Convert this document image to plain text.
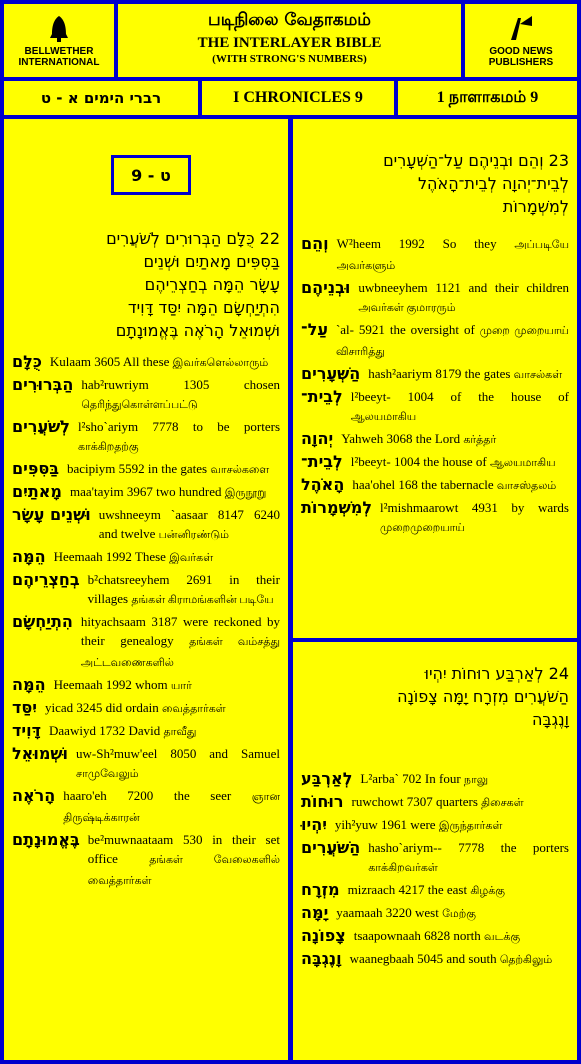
BELLWETHER
INTERNATIONAL
படிநிலை வேதாகமம்
THE INTERLAYER BIBLE
(WITH STRONG'S NUMBERS)
GOOD NEWS
PUBLISHERS
רברי הימים א - ט	I CHRONICLES 9	1 நாளாகமம் 9
ט - 9
22 כֻּלָּם הַבְּרוּרִים לְשֹׁעֲרִים
בַּסִּפִּים מָאתַיִם וּשְׁנֵים
עָשָׂר הֵמָּה בְחַצְרֵיהֶם
הִתְיַחְשָׂם הֵמָּה יִסַּד דָּוִיד
וּשְׁמוּאֵל הָרֹאֶה בֶּאֱמוּנָתָם
כֻּלָּם Kulaam 3605 All these இவர்களெல்லாரும்
הַבְּרוּרִים hab²ruwriym 1305 chosen தெரிந்துகொள்ளப்பட்டு
לְשֹׁעֲרִים l²sho`ariym 7778 to be porters காக்கிறதற்கு
בַּסִּפִּים bacipiym 5592 in the gates வாசல்களை
מָאתַיִם maa'tayim 3967 two hundred இருநூறு
וּשְׁנֵים עָשָׂר uwshneeym `aasaar 8147 6240 and twelve பன்னிரண்டும்
הֵמָּה Heemaah 1992 These இவர்கள்
בְחַצְרֵיהֶם b²chatsreeyhem 2691 in their villages தங்கள் கிராமங்களின் படியே
הִתְיַחְשָׂם hityachsaam 3187 were reckoned by their genealogy தங்கள் வம்சத்து அட்டவணைகளில்
הֵמָּה Heemaah 1992 whom யார்
יִסַּד yicad 3245 did ordain வைத்தார்கள்
דָּוִיד Daawiyd 1732 David தாவீது
וּשְׁמוּאֵל uw-Sh²muw'eel 8050 and Samuel சாமுவேலும்
הָרֹאֶה haaro'eh 7200 the seer ஞான திருஷ்டிக்காரன்
בֶּאֱמוּנָתָם be²muwnaataam 530 in their set office	தங்கள் வேலைகளில் வைத்தார்கள்
23 וְהֵם וּבְנֵיהֶם עַל־הַשְּׁעָרִים
לְבֵית־יְהוָה לְבֵית־הָאֹהֶל
לְמִשְׁמָרוֹת
וְהֵם W²heem 1992 So they அப்படியே அவர்களும்
וּבְנֵיהֶם uwbneeyhem 1121 and their children அவர்கள் குமாரரும்
עַל־ `al- 5921 the oversight of முறை முறையாய் விசாரித்து
הַשְּׁעָרִים hash²aariym 8179 the gates வாசல்கள்
לְבֵית־ l²beeyt- 1004 of the house of ஆலயமாகிய
יְהוָה Yahweh 3068 the Lord கர்த்தர்
לְבֵית־ l²beeyt- 1004 the house of ஆலயமாகிய
הָאֹהֶל haa'ohel 168 the tabernacle வாசஸ்தலம்
לְמִשְׁמָרוֹת l²mishmaarowt 4931 by wards முறைமுறையாய்
24 לְאַרְבַּע רוּחוֹת יִהְיוּ
הַשֹּׁעֲרִים מִזְרָח יָמָּה צָפוֹנָה
וָנֶגְבָּה
לְאַרְבַּע L²arba` 702 In four நாலு
רוּחוֹת ruwchowt 7307 quarters திசைகள்
יִהְיוּ yih²yuw 1961 were இருந்தார்கள்
הַשֹּׁעֲרִים hasho`ariym-- 7778 the porters காக்கிறவர்கள்
מִזְרָח mizraach 4217 the east கிழக்கு
יָמָּה yaamaah 3220 west மேற்கு
צָפוֹנָה tsaapownaah 6828 north வடக்கு
וָנֶגְבָּה waanegbaah 5045 and south தெற்கிலும்
